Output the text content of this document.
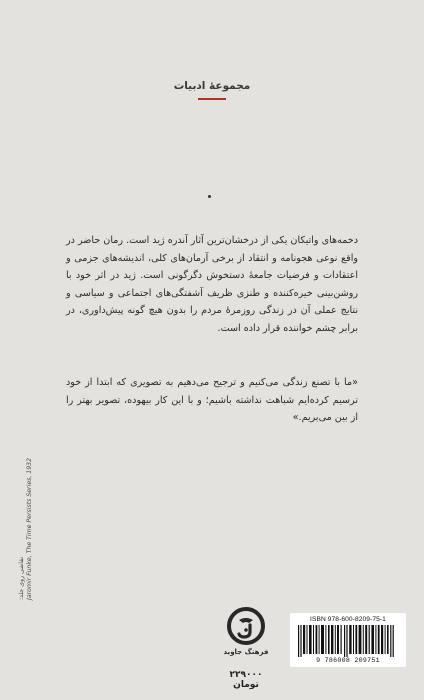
مجموعهٔ ادبیات

دخمه‌های واتیکان یکی از درخشان‌ترین آثار آندره ژید است. رمان حاضر در واقع نوعی هجونامه و انتقاد از برخی آرمان‌های کلی، اندیشه‌های جزمی و اعتقادات و فرضیات جامعهٔ دستخوش دگرگونی است. ژید در اثر خود با روشن‌بینی خیره‌کننده و طنزی ظریف آشفتگی‌های اجتماعی و سیاسی و نتایج عملی آن در زندگی روزمرهٔ مردم را بدون هیچ گونه پیش‌داوری، در برابر چشم خواننده قرار داده است.

«ما با تصنع زندگی می‌کنیم و ترجیح می‌دهیم به تصویری که ابتدا از خود ترسیم کرده‌ایم شباهت نداشته باشیم؛ و با این کار بیهوده، تصویر بهتر را از بین می‌بریم.»

نقاشی روی جلد: Jaromir Funke, The Time Persists Series, 1932
فرهنگ جاوید
۲۲۹۰۰۰ تومان
ISBN 978-600-8209-75-1
9 786008 209751
